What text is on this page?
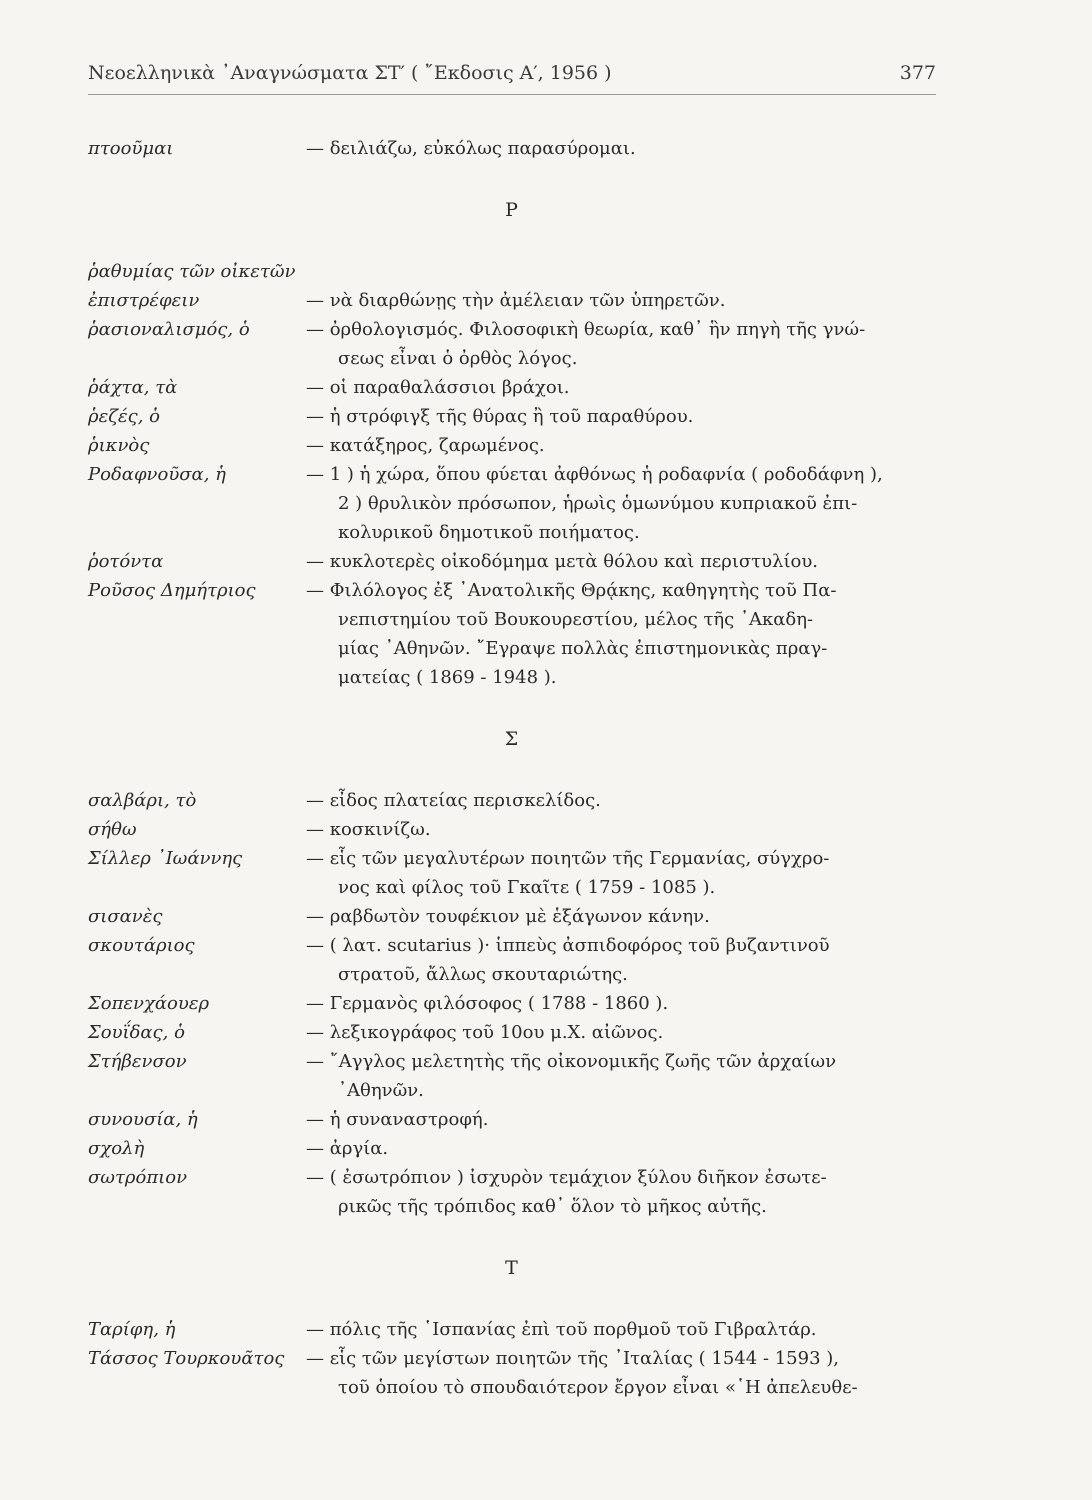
Νεοελληνικὰ ᾽Αναγνώσματα ΣΤ′ ( ῎Εκδοσις Α′, 1956 )	377
πτοοῦμαι	— δειλιάζω, εὐκόλως παρασύρομαι.
Ρ
ῥαθυμίας τῶν οἰκετῶν
ἐπιστρέφειν	— νὰ διαρθώνῃς τὴν ἀμέλειαν τῶν ὑπηρετῶν.
ῥασιοναλισμός, ὁ	— ὀρθολογισμός. Φιλοσοφικὴ θεωρία, καθ᾽ ἣν πηγὴ τῆς γνώ-
σεως εἶναι ὁ ὀρθὸς λόγος.
ῥάχτα, τὰ	— οἱ παραθαλάσσιοι βράχοι.
ῥεζές, ὁ	— ἡ στρόφιγξ τῆς θύρας ἢ τοῦ παραθύρου.
ῥικνὸς	— κατάξηρος, ζαρωμένος.
Ροδαφνοῦσα, ἡ	— 1 ) ἡ χώρα, ὅπου φύεται ἀφθόνως ἡ ροδαφνία ( ροδοδάφνη ),
2 ) θρυλικὸν πρόσωπον, ἡρωὶς ὁμωνύμου κυπριακοῦ ἐπι-
κολυρικοῦ δημοτικοῦ ποιήματος.
ῥοτόντα	— κυκλοτερὲς οἰκοδόμημα μετὰ θόλου καὶ περιστυλίου.
Ροῦσος Δημήτριος	— Φιλόλογος ἐξ ᾽Ανατολικῆς Θρᾴκης, καθηγητὴς τοῦ Πα-
νεπιστημίου τοῦ Βουκουρεστίου, μέλος τῆς ᾽Ακαδη-
μίας ᾽Αθηνῶν. ῎Εγραψε πολλὰς ἐπιστημονικὰς πραγ-
ματείας ( 1869 - 1948 ).
Σ
σαλβάρι, τὸ	— εἶδος πλατείας περισκελίδος.
σήθω	— κοσκινίζω.
Σίλλερ ᾽Ιωάννης	— εἷς τῶν μεγαλυτέρων ποιητῶν τῆς Γερμανίας, σύγχρο-
νος καὶ φίλος τοῦ Γκαῖτε ( 1759 - 1085 ).
σισανὲς	— ραβδωτὸν τουφέκιον μὲ ἑξάγωνον κάνην.
σκουτάριος	— ( λατ. scutarius )· ἱππεὺς ἀσπιδοφόρος τοῦ βυζαντινοῦ
στρατοῦ, ἄλλως σκουταριώτης.
Σοπενχάουερ	— Γερμανὸς φιλόσοφος ( 1788 - 1860 ).
Σουΐδας, ὁ	— λεξικογράφος τοῦ 10ου μ.Χ. αἰῶνος.
Στήβενσον	— ῎Αγγλος μελετητὴς τῆς οἰκονομικῆς ζωῆς τῶν ἀρχαίων
᾽Αθηνῶν.
συνουσία, ἡ	— ἡ συναναστροφή.
σχολὴ	— ἀργία.
σωτρόπιον	— ( ἐσωτρόπιον ) ἰσχυρὸν τεμάχιον ξύλου διῆκον ἐσωτε-
ρικῶς τῆς τρόπιδος καθ᾽ ὅλον τὸ μῆκος αὐτῆς.
Τ
Ταρίφη, ἡ	— πόλις τῆς ῾Ισπανίας ἐπὶ τοῦ πορθμοῦ τοῦ Γιβραλτάρ.
Τάσσος Τουρκουᾶτος	— εἷς τῶν μεγίστων ποιητῶν τῆς ᾽Ιταλίας ( 1544 - 1593 ),
τοῦ ὁποίου τὸ σπουδαιότερον ἔργον εἶναι «῾Η ἀπελευθε-
